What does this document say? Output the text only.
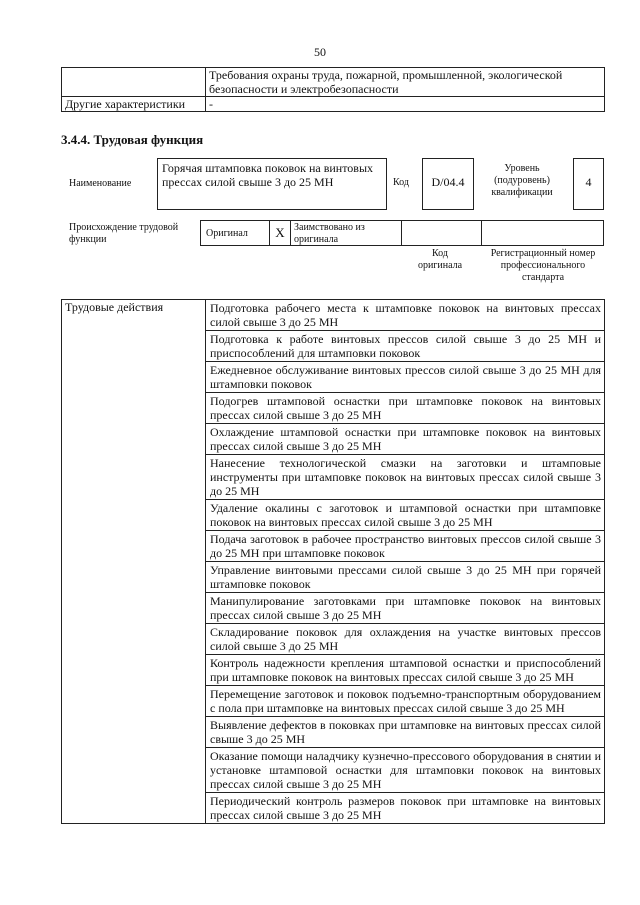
50
	Требования охраны труда, пожарной, промышленной, экологической безопасности и электробезопасности
Другие характеристики	-
3.4.4. Трудовая функция
Наименование
Горячая штамповка поковок на винтовых прессах силой свыше 3 до 25 МН	Код	D/04.4
Уровень (подуровень) квалификации
4
Происхождение трудовой функции
Оригинал	X Заимствовано из оригинала
Код оригинала
Регистрационный номер профессионального стандарта
Трудовые действия	Подготовка рабочего места к штамповке поковок на винтовых прессах силой свыше 3 до 25 МН
Подготовка к работе винтовых прессов силой свыше 3 до 25 МН и приспособлений для штамповки поковок
Ежедневное обслуживание винтовых прессов силой свыше 3 до 25 МН для штамповки поковок
Подогрев штамповой оснастки при штамповке поковок на винтовых прессах силой свыше 3 до 25 МН
Охлаждение штамповой оснастки при штамповке поковок на винтовых прессах силой свыше 3 до 25 МН
Нанесение технологической смазки на заготовки и штамповые инструменты при штамповке поковок на винтовых прессах силой свыше 3 до 25 МН
Удаление окалины с заготовок и штамповой оснастки при штамповке поковок на винтовых прессах силой свыше 3 до 25 МН
Подача заготовок в рабочее пространство винтовых прессов силой свыше 3 до 25 МН при штамповке поковок
Управление винтовыми прессами силой свыше 3 до 25 МН при горячей штамповке поковок
Манипулирование заготовками при штамповке поковок на винтовых прессах силой свыше 3 до 25 МН
Складирование поковок для охлаждения на участке винтовых прессов силой свыше 3 до 25 МН
Контроль надежности крепления штамповой оснастки и приспособлений при штамповке поковок на винтовых прессах силой свыше 3 до 25 МН
Перемещение заготовок и поковок подъемно-транспортным оборудованием с пола при штамповке на винтовых прессах силой свыше 3 до 25 МН
Выявление дефектов в поковках при штамповке на винтовых прессах силой свыше 3 до 25 МН
Оказание помощи наладчику кузнечно-прессового оборудования в снятии и установке штамповой оснастки для штамповки поковок на винтовых прессах силой свыше 3 до 25 МН
Периодический контроль размеров поковок при штамповке на винтовых прессах силой свыше 3 до 25 МН
